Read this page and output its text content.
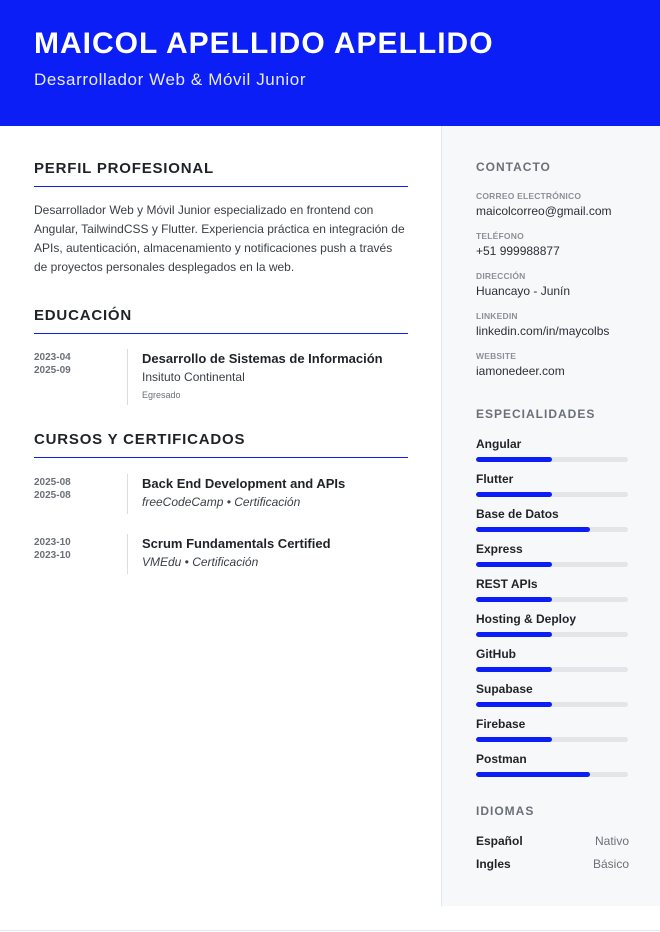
MAICOL APELLIDO APELLIDO
Desarrollador Web & Móvil Junior
PERFIL PROFESIONAL
Desarrollador Web y Móvil Junior especializado en frontend con Angular, TailwindCSS y Flutter. Experiencia práctica en integración de APIs, autenticación, almacenamiento y notificaciones push a través de proyectos personales desplegados en la web.
EDUCACIÓN
2023-04
2025-09
Desarrollo de Sistemas de Información
Insituto Continental
Egresado
CURSOS Y CERTIFICADOS
2025-08
2025-08
Back End Development and APIs
freeCodeCamp • Certificación
2023-10
2023-10
Scrum Fundamentals Certified
VMEdu • Certificación
CONTACTO
CORREO ELECTRÓNICO
maicolcorreo@gmail.com
TELÉFONO
+51 999988877
DIRECCIÓN
Huancayo - Junín
LINKEDIN
linkedin.com/in/maycolbs
WEBSITE
iamonedeer.com
ESPECIALIDADES
Angular
Flutter
Base de Datos
Express
REST APIs
Hosting & Deploy
GitHub
Supabase
Firebase
Postman
IDIOMAS
Español	Nativo
Ingles	Básico
